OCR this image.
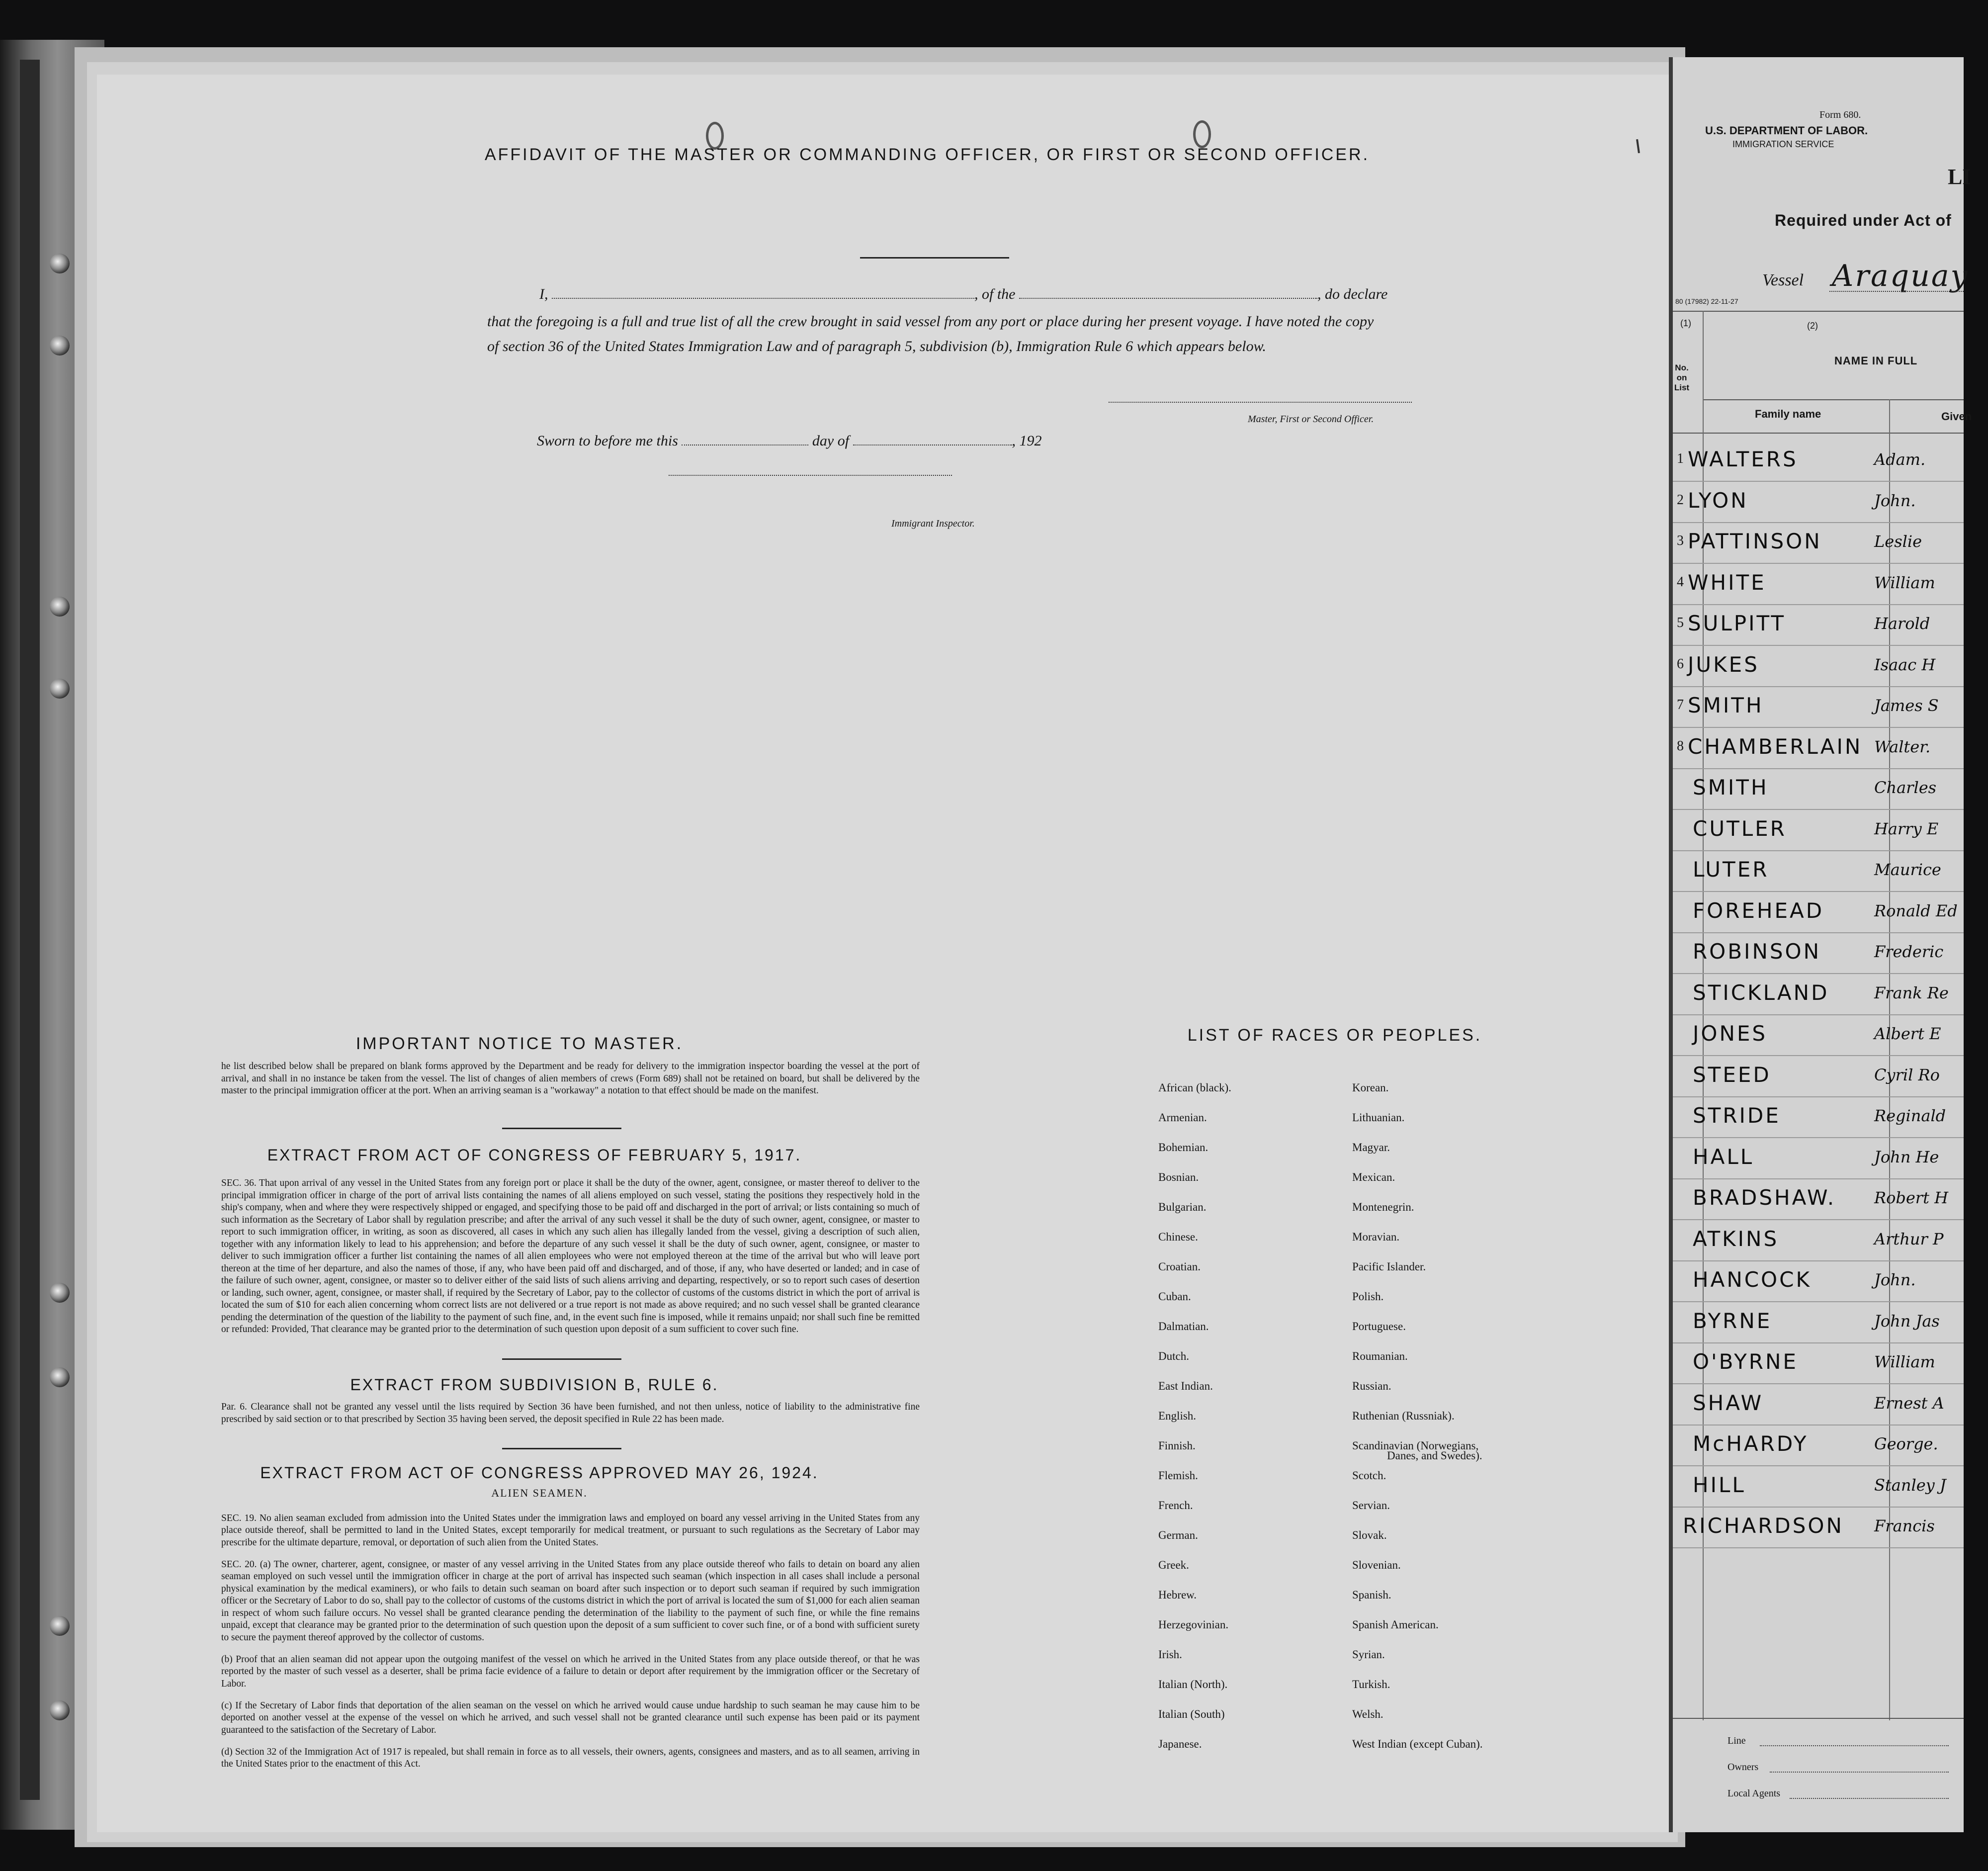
AFFIDAVIT OF THE MASTER OR COMMANDING OFFICER, OR FIRST OR SECOND OFFICER.
I,	, of the	, do declare
that the foregoing is a full and true list of all the crew brought in said vessel from any port or place during her present voyage. I have noted the copy of section 36 of the United States Immigration Law and of paragraph 5, subdivision (b), Immigration Rule 6 which appears below.
Master, First or Second Officer.
Sworn to before me this	day of	, 192
Immigrant Inspector.
IMPORTANT NOTICE TO MASTER.
he list described below shall be prepared on blank forms approved by the Department and be ready for delivery to the immigration inspector boarding the vessel at the port of arrival, and shall in no instance be taken from the vessel. The list of changes of alien members of crews (Form 689) shall not be retained on board, but shall be delivered by the master to the principal immigration officer at the port. When an arriving seaman is a "workaway" a notation to that effect should be made on the manifest.
EXTRACT FROM ACT OF CONGRESS OF FEBRUARY 5, 1917.
SEC. 36. That upon arrival of any vessel in the United States from any foreign port or place it shall be the duty of the owner, agent, consignee, or master thereof to deliver to the principal immigration officer in charge of the port of arrival lists containing the names of all aliens employed on such vessel, stating the positions they respectively hold in the ship's company, when and where they were respectively shipped or engaged, and specifying those to be paid off and discharged in the port of arrival; or lists containing so much of such information as the Secretary of Labor shall by regulation prescribe; and after the arrival of any such vessel it shall be the duty of such owner, agent, consignee, or master to report to such immigration officer, in writing, as soon as discovered, all cases in which any such alien has illegally landed from the vessel, giving a description of such alien, together with any information likely to lead to his apprehension; and before the departure of any such vessel it shall be the duty of such owner, agent, consignee, or master to deliver to such immigration officer a further list containing the names of all alien employees who were not employed thereon at the time of the arrival but who will leave port thereon at the time of her departure, and also the names of those, if any, who have been paid off and discharged, and of those, if any, who have deserted or landed; and in case of the failure of such owner, agent, consignee, or master so to deliver either of the said lists of such aliens arriving and departing, respectively, or so to report such cases of desertion or landing, such owner, agent, consignee, or master shall, if required by the Secretary of Labor, pay to the collector of customs of the customs district in which the port of arrival is located the sum of $10 for each alien concerning whom correct lists are not delivered or a true report is not made as above required; and no such vessel shall be granted clearance pending the determination of the question of the liability to the payment of such fine, and, in the event such fine is imposed, while it remains unpaid; nor shall such fine be remitted or refunded: Provided, That clearance may be granted prior to the determination of such question upon deposit of a sum sufficient to cover such fine.
EXTRACT FROM SUBDIVISION B, RULE 6.
Par. 6. Clearance shall not be granted any vessel until the lists required by Section 36 have been furnished, and not then unless, notice of liability to the administrative fine prescribed by said section or to that prescribed by Section 35 having been served, the deposit specified in Rule 22 has been made.
EXTRACT FROM ACT OF CONGRESS APPROVED MAY 26, 1924.
ALIEN SEAMEN.

SEC. 19. No alien seaman excluded from admission into the United States under the immigration laws and employed on board any vessel arriving in the United States from any place outside thereof, shall be permitted to land in the United States, except temporarily for medical treatment, or pursuant to such regulations as the Secretary of Labor may prescribe for the ultimate departure, removal, or deportation of such alien from the United States.

SEC. 20. (a) The owner, charterer, agent, consignee, or master of any vessel arriving in the United States from any place outside thereof who fails to detain on board any alien seaman employed on such vessel until the immigration officer in charge at the port of arrival has inspected such seaman (which inspection in all cases shall include a personal physical examination by the medical examiners), or who fails to detain such seaman on board after such inspection or to deport such seaman if required by such immigration officer or the Secretary of Labor to do so, shall pay to the collector of customs of the customs district in which the port of arrival is located the sum of $1,000 for each alien seaman in respect of whom such failure occurs. No vessel shall be granted clearance pending the determination of the liability to the payment of such fine, or while the fine remains unpaid, except that clearance may be granted prior to the determination of such question upon the deposit of a sum sufficient to cover such fine, or of a bond with sufficient surety to secure the payment thereof approved by the collector of customs.

(b) Proof that an alien seaman did not appear upon the outgoing manifest of the vessel on which he arrived in the United States from any place outside thereof, or that he was reported by the master of such vessel as a deserter, shall be prima facie evidence of a failure to detain or deport after requirement by the immigration officer or the Secretary of Labor.

(c) If the Secretary of Labor finds that deportation of the alien seaman on the vessel on which he arrived would cause undue hardship to such seaman he may cause him to be deported on another vessel at the expense of the vessel on which he arrived, and such vessel shall not be granted clearance until such expense has been paid or its payment guaranteed to the satisfaction of the Secretary of Labor.

(d) Section 32 of the Immigration Act of 1917 is repealed, but shall remain in force as to all vessels, their owners, agents, consignees and masters, and as to all seamen, arriving in the United States prior to the enactment of this Act.

LIST OF RACES OR PEOPLES.
African (black).
Armenian.
Bohemian.
Bosnian.
Bulgarian.
Chinese.
Croatian.
Cuban.
Dalmatian.
Dutch.
East Indian.
English.
Finnish.
Flemish.
French.
German.
Greek.
Hebrew.
Herzegovinian.
Irish.
Italian (North).
Italian (South)
Japanese.
Korean.
Lithuanian.
Magyar.
Mexican.
Montenegrin.
Moravian.
Pacific Islander.
Polish.
Portuguese.
Roumanian.
Russian.
Ruthenian (Russniak).
Scandinavian (Norwegians,
Scotch.
Servian.
Slovak.
Slovenian.
Spanish.
Spanish American.
Syrian.
Turkish.
Welsh.
West Indian (except Cuban).
Danes, and Swedes).
Form 680.
U.S. DEPARTMENT OF LABOR.
IMMIGRATION SERVICE
LI
Required under Act of
Vessel Araquay
80 (17982) 22-11-27
(1)	(2)
No. on List
NAME IN FULL
Family name	Given
1 WALTERS	Adam.
2 LYON	John.
3 PATTINSON	Leslie
4 WHITE	William
5 SULPITT	Harold
6 JUKES	Isaac H
7 SMITH	James S
8 CHAMBERLAIN Walter.
SMITH	Charles
CUTLER	Harry E
LUTER	Maurice
FOREHEAD	Ronald Ed
ROBINSON	Frederic
STICKLAND	Frank Re
JONES	Albert E
STEED	Cyril Ro
STRIDE	Reginald
HALL	John He
BRADSHAW. Robert H
ATKINS	Arthur P
HANCOCK	John.
BYRNE	John Jas
O'BYRNE	William
SHAW	Ernest A
McHARDY	George.
HILL	Stanley J
RICHARDSON Francis
Line
Owners
Local Agents
